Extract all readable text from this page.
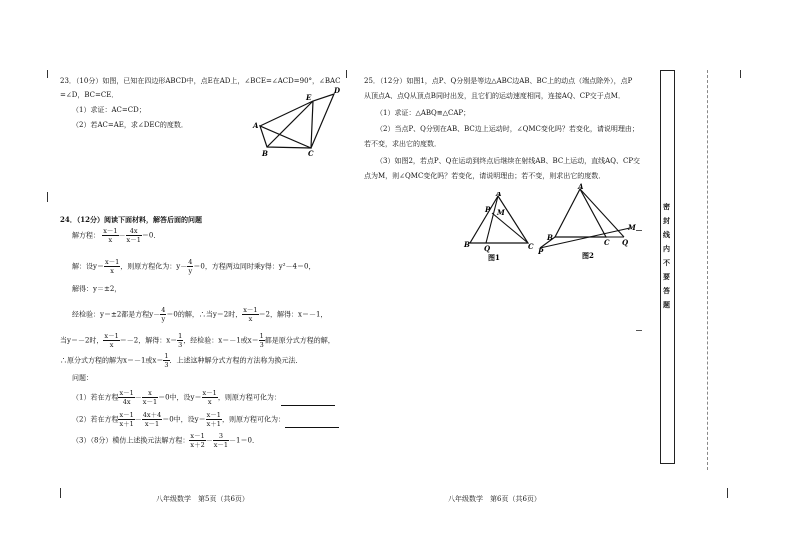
23．（10分）如图，已知在四边形ABCD中，点E在AD上，∠BCE=∠ACD=90°，∠BAC
=∠D，BC=CE．
（1）求证：AC=CD；
（2）若AC=AE，求∠DEC的度数．	A
E
D
B	C
24．（12分）阅读下面材料，解答后面的问题
解方程： $\frac{x-1}{x} - \frac{4x}{x-1} =0$．
解：设$y= \frac{x-1}{x}$ ，则原方程化为：$y- \frac{4}{y} =0$，方程两边同时乘y得：y²－4＝0，
解得：y＝±2，
经检验：y＝±2都是方程$y- \frac{4}{y} =0$的解，∴当y＝2时， $\frac{x-1}{x} =2$，解得：x＝－1，
当y＝－2时， $\frac{x-1}{x} =-2$，解得：$x= \frac{1}{3}$ ，经检验：x＝－1或$x= \frac{1}{3}$ 都是原分式方程的解，
∴原分式方程的解为x＝－1或$x= \frac{1}{3}$ ．上述这种解分式方程的方法称为换元法．
问题：
（1）若在方程 $\frac{x-1}{4x} - \frac{x}{x-1} =0$中，设$y= \frac{x-1}{x}$ ，则原方程可化为：
（2）若在方程 $\frac{x-1}{x+1} - \frac{4x+4}{x-1} =0$中，设$y= \frac{x-1}{x+1}$ ，则原方程可化为：
（3）（8分）模仿上述换元法解方程： $\frac{x-1}{x+2} - \frac{3}{x-1} -1=0$．
八年级数学　第5页（共6页）
25．（12分）如图1，点P、Q分别是等边△ABC边AB、BC上的动点（端点除外），点P
从顶点A、点Q从顶点B同时出发，且它们的运动速度相同，连接AQ、CP交于点M．
（1）求证：△ABQ≌△CAP；
（2）当点P、Q分别在AB、BC边上运动时，∠QMC变化吗？若变化，请说明理由；
若不变，求出它的度数．
（3）如图2，若点P、Q在运动到终点后继续在射线AB、BC上运动，直线AQ、CP交
点为M，则∠QMC变化吗？若变化，请说明理由；若不变，则求出它的度数．
A
P M
B Q	C
图1
A
B
P
C Q
M
图2
八年级数学　第6页（共6页）
密封线内不要答题
